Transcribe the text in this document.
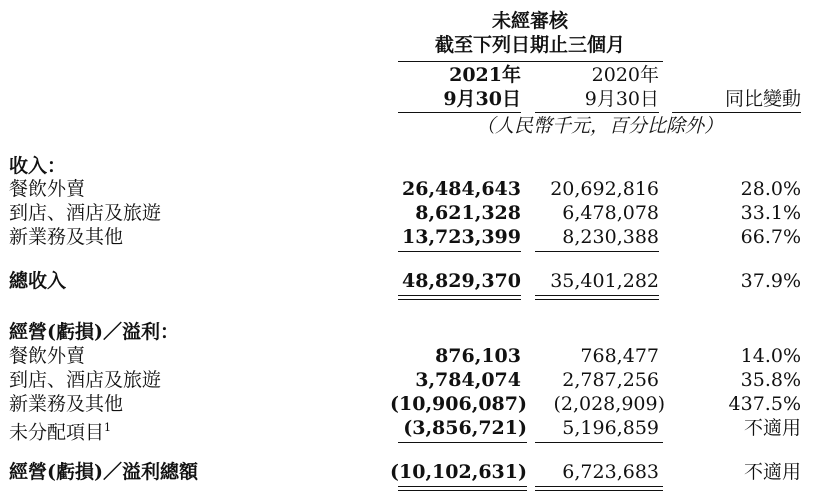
未經審核
截至下列日期止三個月
2021年
9月30日
2020年
9月30日	同比變動
（人民幣千元，百分比除外）
收入：
餐飲外賣	26,484,643 20,692,816	28.0%
到店、酒店及旅遊	8,621,328 6,478,078	33.1%
新業務及其他	13,723,399 8,230,388	66.7%
總收入	48,829,370 35,401,282	37.9%
經營(虧損)／溢利：
餐飲外賣	876,103	768,477	14.0%
到店、酒店及旅遊	3,784,074 2,787,256	35.8%
新業務及其他	(10,906,087) (2,028,909)	437.5%
未分配項目$^1$	(3,856,721) 5,196,859	不適用
經營(虧損)／溢利總額	(10,102,631) 6,723,683	不適用
